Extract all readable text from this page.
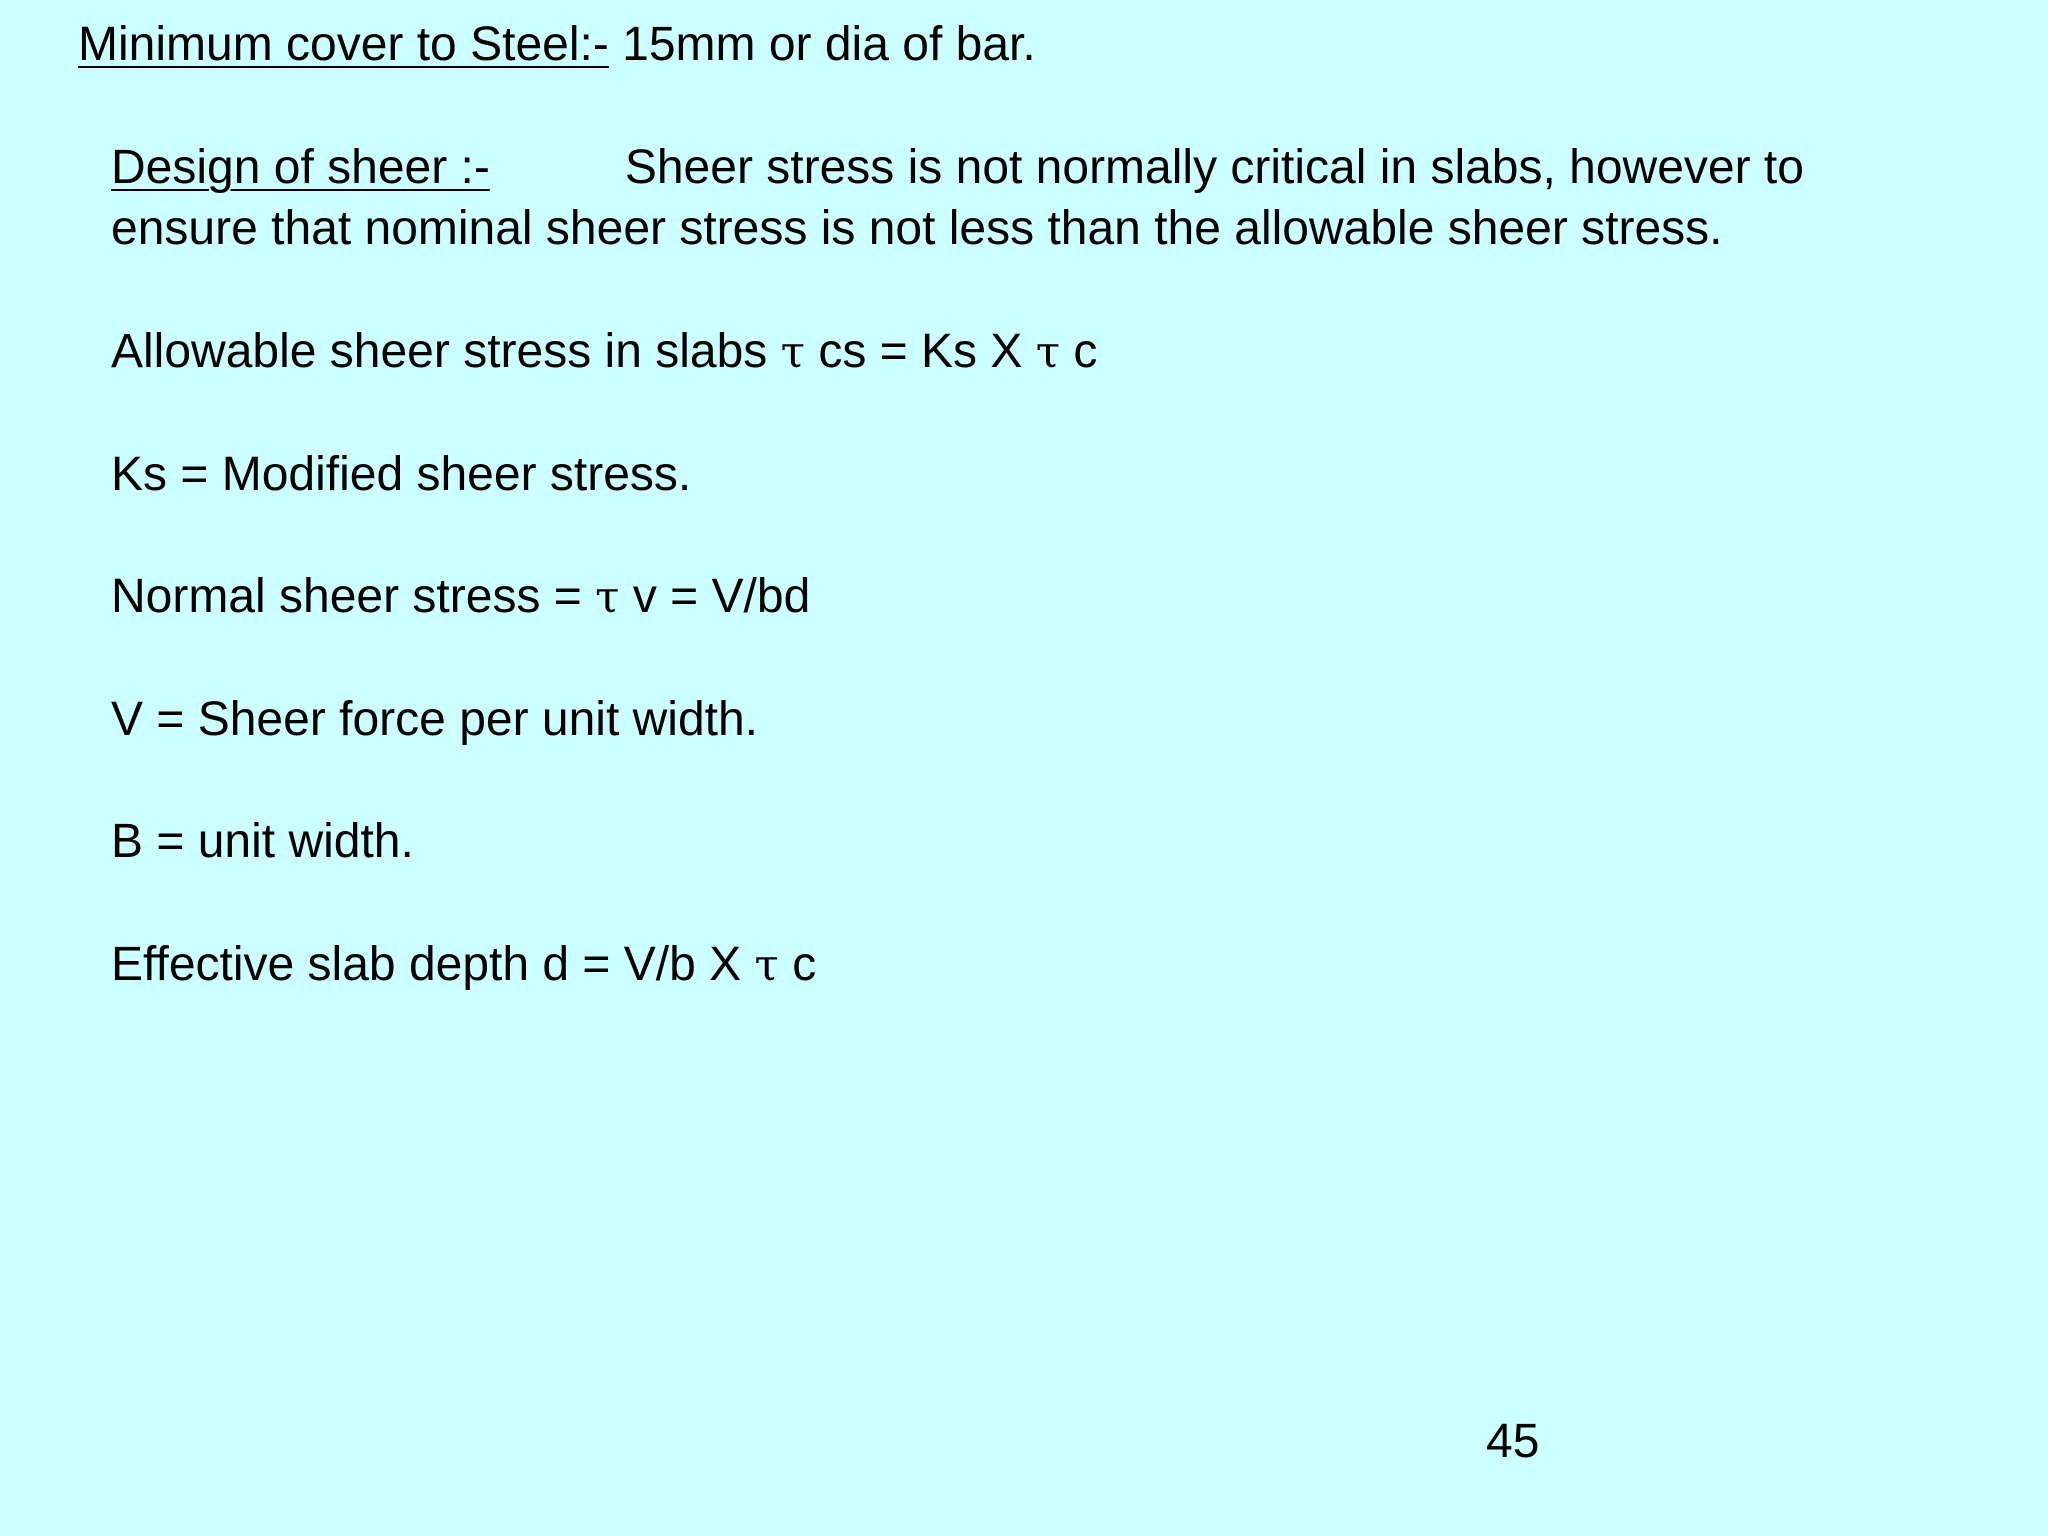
Minimum cover to Steel:- 15mm or dia of bar.
Design of sheer :-	Sheer stress is not normally critical in slabs, however to
ensure that nominal sheer stress is not less than the allowable sheer stress.
Allowable sheer stress in slabs τ cs = Ks X τ c
Ks = Modified sheer stress.
Normal sheer stress = τ v = V/bd
V = Sheer force per unit width.
B = unit width.
Effective slab depth d = V/b X τ c
45
